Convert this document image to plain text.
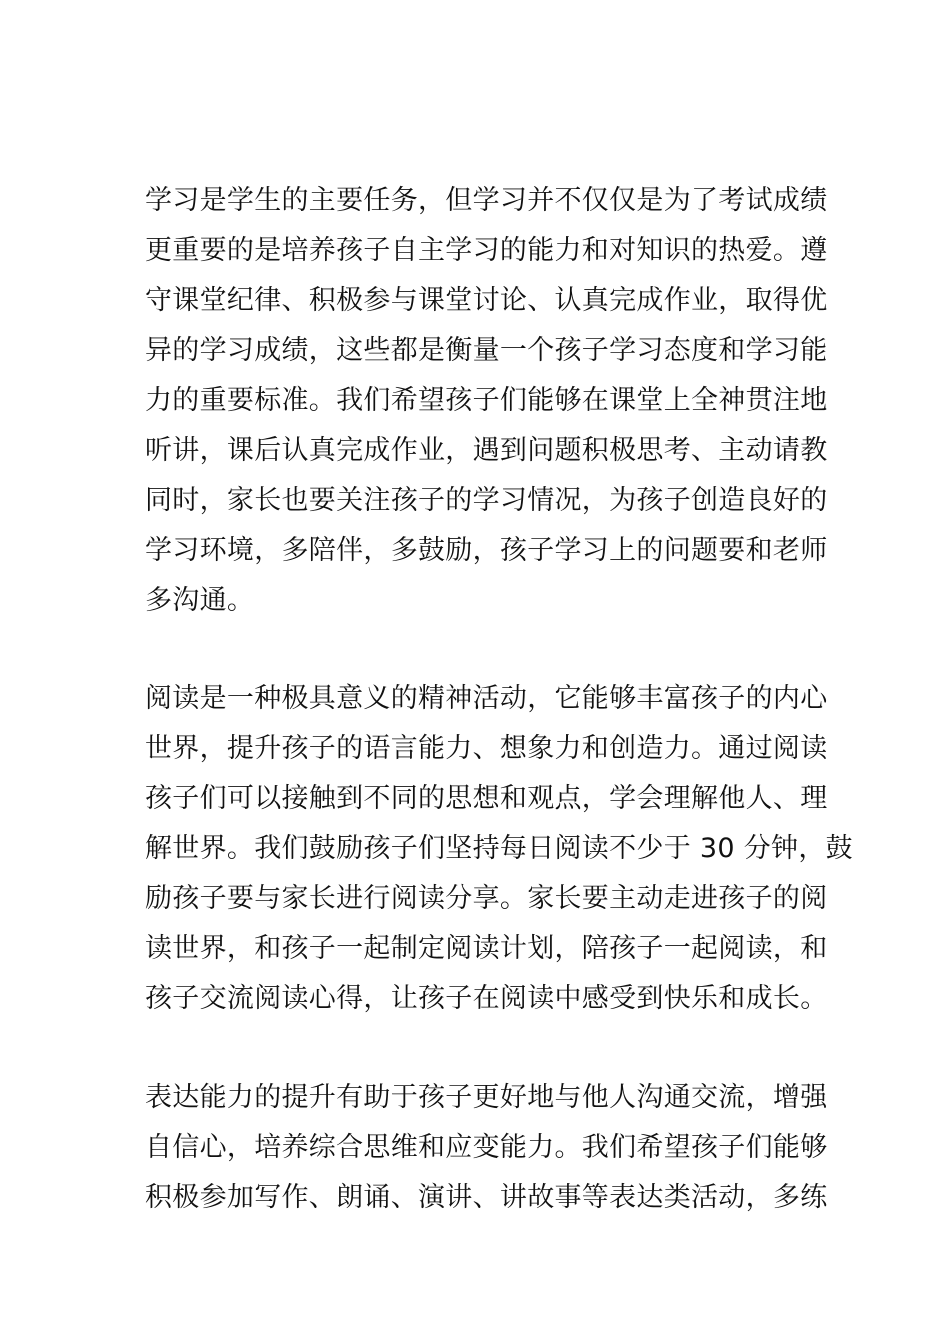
学习是学生的主要任务，但学习并不仅仅是为了考试成绩
更重要的是培养孩子自主学习的能力和对知识的热爱。遵
守课堂纪律、积极参与课堂讨论、认真完成作业，取得优
异的学习成绩，这些都是衡量一个孩子学习态度和学习能
力的重要标准。我们希望孩子们能够在课堂上全神贯注地
听讲，课后认真完成作业，遇到问题积极思考、主动请教
同时，家长也要关注孩子的学习情况，为孩子创造良好的
学习环境，多陪伴，多鼓励，孩子学习上的问题要和老师
多沟通。
阅读是一种极具意义的精神活动，它能够丰富孩子的内心
世界，提升孩子的语言能力、想象力和创造力。通过阅读
孩子们可以接触到不同的思想和观点，学会理解他人、理
解世界。我们鼓励孩子们坚持每日阅读不少于 30 分钟，鼓
励孩子要与家长进行阅读分享。家长要主动走进孩子的阅
读世界，和孩子一起制定阅读计划，陪孩子一起阅读，和
孩子交流阅读心得，让孩子在阅读中感受到快乐和成长。
表达能力的提升有助于孩子更好地与他人沟通交流，增强
自信心，培养综合思维和应变能力。我们希望孩子们能够
积极参加写作、朗诵、演讲、讲故事等表达类活动，多练
